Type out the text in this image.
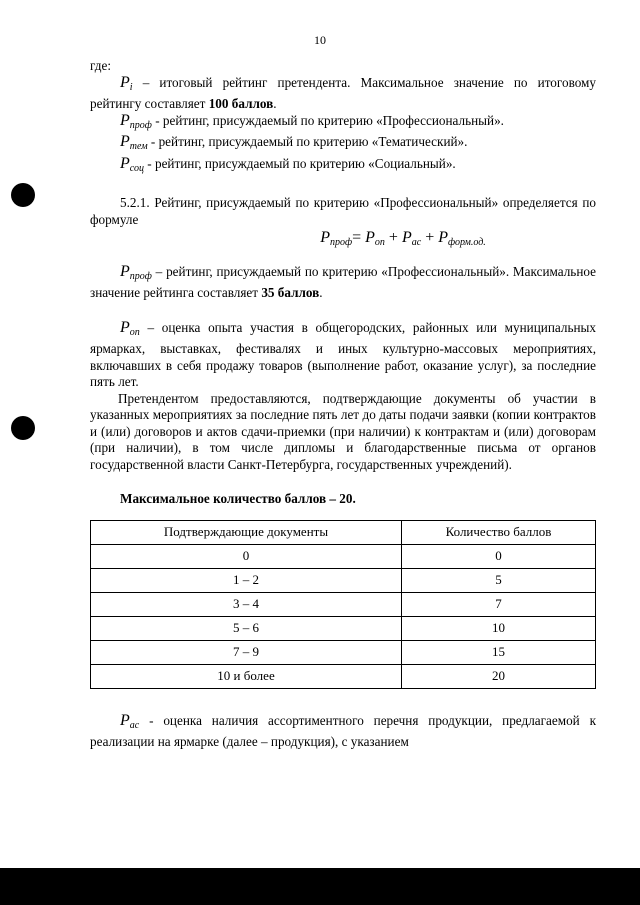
10

где:

$P_i$ – итоговый рейтинг претендента. Максимальное значение по итоговому рейтингу составляет 100 баллов.

$P_{проф}$ - рейтинг, присуждаемый по критерию «Профессиональный».

$P_{тем}$ - рейтинг, присуждаемый по критерию «Тематический».

$P_{соц}$ - рейтинг, присуждаемый по критерию «Социальный».

5.2.1. Рейтинг, присуждаемый по критерию «Профессиональный» определяется по формуле

$P_{проф}= P_{оп} + P_{ас} + P_{форм.од.}$

$P_{проф}$ – рейтинг, присуждаемый по критерию «Профессиональный». Максимальное значение рейтинга составляет 35 баллов.

$P_{оп}$ – оценка опыта участия в общегородских, районных или муниципальных ярмарках, выставках, фестивалях и иных культурно-массовых мероприятиях, включавших в себя продажу товаров (выполнение работ, оказание услуг), за последние пять лет.

Претендентом предоставляются, подтверждающие документы об участии в указанных мероприятиях за последние пять лет до даты подачи заявки (копии контрактов и (или) договоров и актов сдачи-приемки (при наличии) к контрактам и (или) договорам (при наличии), в том числе дипломы и благодарственные письма от органов государственной власти Санкт-Петербурга, государственных учреждений).

Максимальное количество баллов – 20.

Подтверждающие документы	Количество баллов
0	0
1 – 2	5
3 – 4	7
5 – 6	10
7 – 9	15
10 и более	20

$P_{ас}$ - оценка наличия ассортиментного перечня продукции, предлагаемой к реализации на ярмарке (далее – продукция), с указанием
